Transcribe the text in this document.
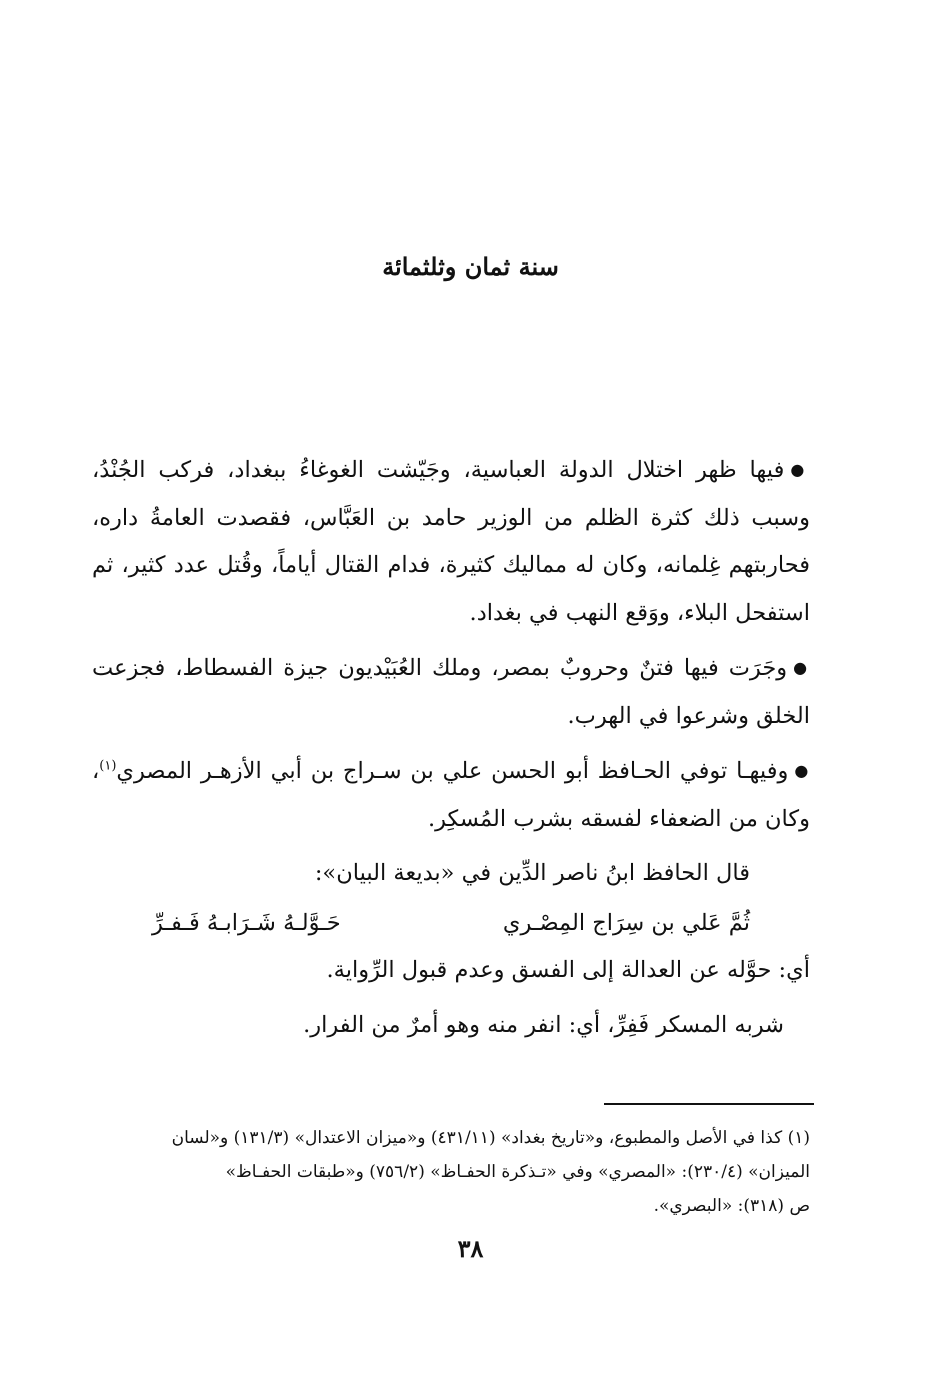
سنة ثمان وثلثمائة

●فيها ظهر اختلال الدولة العباسية، وجَيّشت الغوغاءُ ببغداد، فركب الجُنْدُ، وسبب ذلك كثرة الظلم من الوزير حامد بن العَبَّاس، فقصدت العامةُ داره، فحاربتهم غِلمانه، وكان له مماليك كثيرة، فدام القتال أياماً، وقُتل عدد كثير، ثم استفحل البلاء، ووَقع النهب في بغداد.

●وجَرَت فيها فتنٌ وحروبٌ بمصر، وملك العُبَيْديون جيزة الفسطاط، فجزعت الخلق وشرعوا في الهرب.

●وفيهـا توفي الحـافظ أبو الحسن علي بن سـراج بن أبي الأزهـر المصري$^{(١)}$، وكان من الضعفاء لفسقه بشرب المُسكِر.

قال الحافظ ابنُ ناصر الدِّين في «بديعة البيان»:

ثُمَّ عَلي بن سِرَاج المِصْـري
حَـوَّلـهُ شَـرَابـهُ فَـفـرِّ

أي: حوَّله عن العدالة إلى الفسق وعدم قبول الرِّواية.

شربه المسكر فَفِرِّ، أي: انفر منه وهو أمرٌ من الفرار.

(١) كذا في الأصل والمطبوع، و«تاريخ بغداد» (٤٣١/١١) و«ميزان الاعتدال» (١٣١/٣) و«لسان

الميزان» (٢٣٠/٤): «المصري» وفي «تـذكرة الحفـاظ» (٧٥٦/٢) و«طبقات الحفـاظ»

ص (٣١٨): «البصري».

٣٨
